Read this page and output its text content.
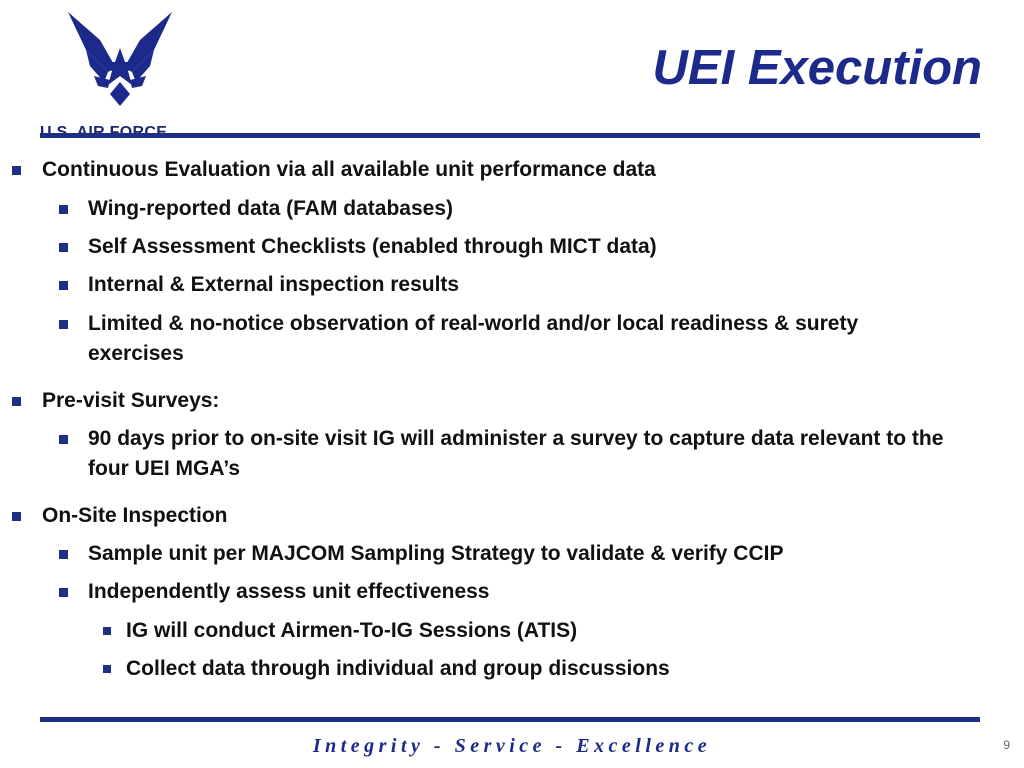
UEI Execution
Continuous Evaluation via all available unit performance data
Wing-reported data (FAM databases)
Self Assessment Checklists (enabled through MICT data)
Internal & External inspection results
Limited & no-notice observation of real-world and/or local readiness & surety exercises
Pre-visit Surveys:
90 days prior to on-site visit IG will administer a survey to capture data relevant to the four UEI MGA’s
On-Site Inspection
Sample unit per MAJCOM Sampling Strategy to validate & verify CCIP
Independently assess unit effectiveness
IG will conduct Airmen-To-IG Sessions (ATIS)
Collect data through individual and group discussions
Integrity - Service - Excellence	9
